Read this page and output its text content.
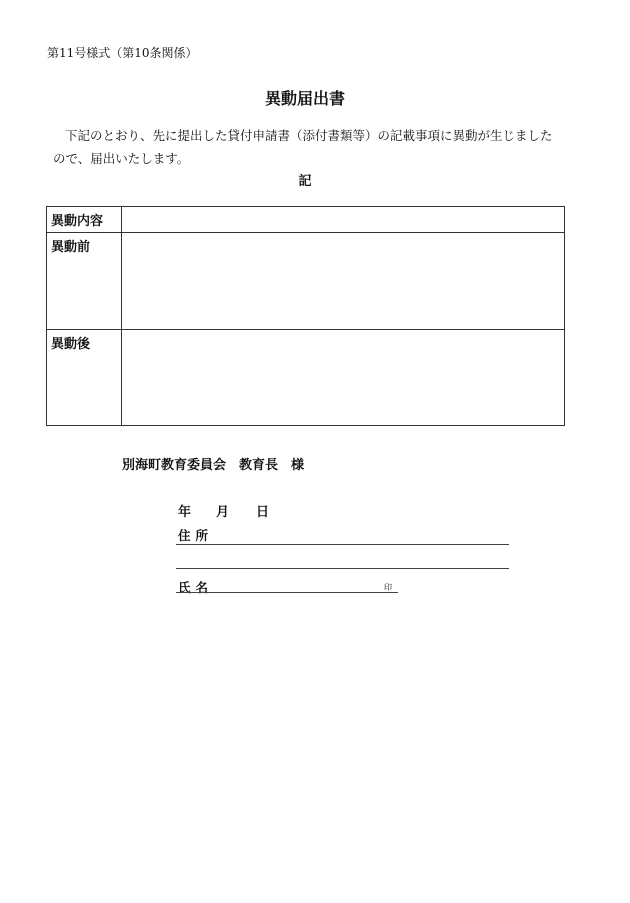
第11号様式（第10条関係）
異動届出書
下記のとおり、先に提出した貸付申請書（添付書類等）の記載事項に異動が生じました
ので、届出いたします。
記
異動内容	
異動前	
異動後	
別海町教育委員会　教育長　様
年 月 日
住所
氏名	印
